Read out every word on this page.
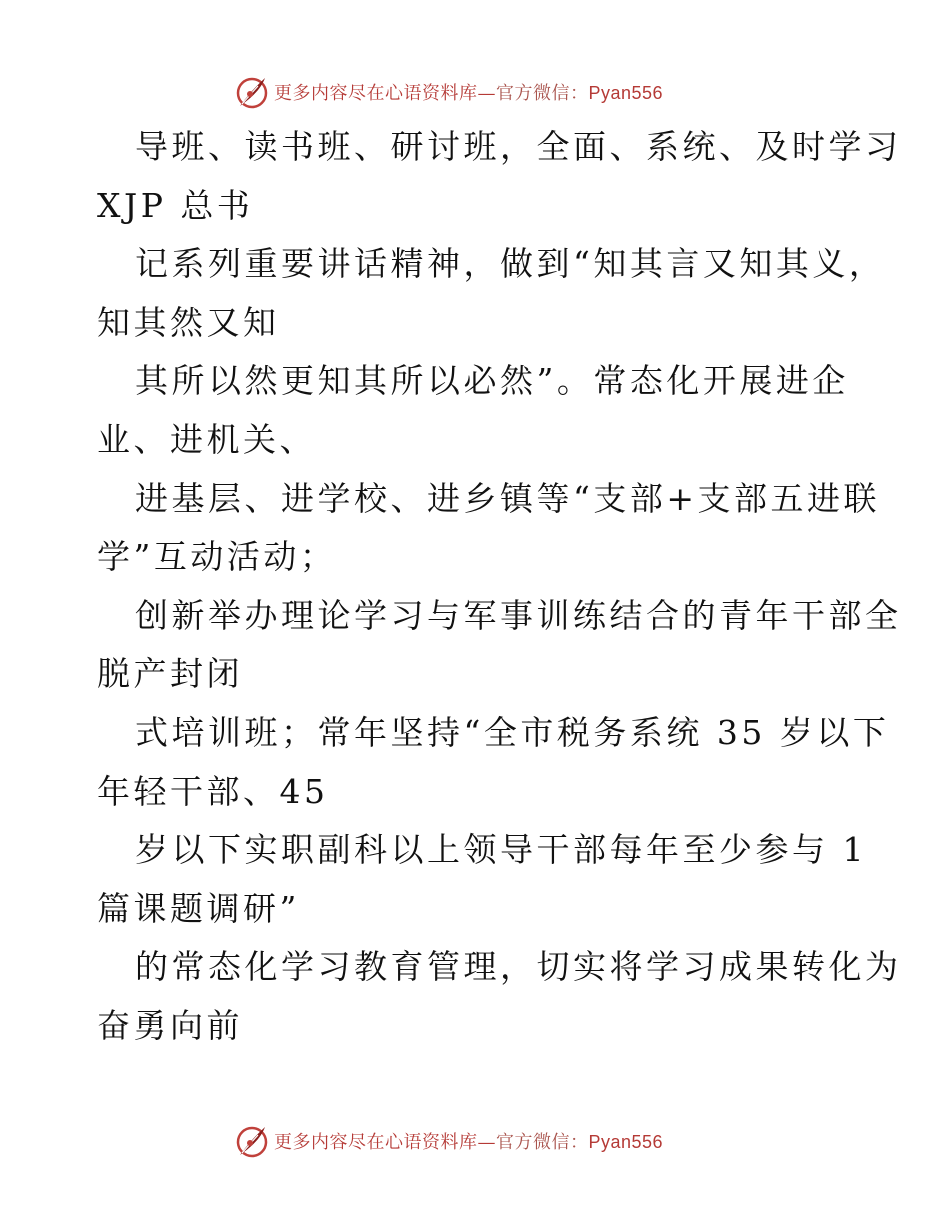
更多内容尽在心语资料库—官方微信：Pyan556
导班、读书班、研讨班，全面、系统、及时学习
XJP 总书
记系列重要讲话精神，做到“知其言又知其义，
知其然又知
其所以然更知其所以必然”。常态化开展进企
业、进机关、
进基层、进学校、进乡镇等“支部+支部五进联
学”互动活动；
创新举办理论学习与军事训练结合的青年干部全
脱产封闭
式培训班；常年坚持“全市税务系统 35 岁以下
年轻干部、45
岁以下实职副科以上领导干部每年至少参与 1
篇课题调研”
的常态化学习教育管理，切实将学习成果转化为
奋勇向前
更多内容尽在心语资料库—官方微信：Pyan556
